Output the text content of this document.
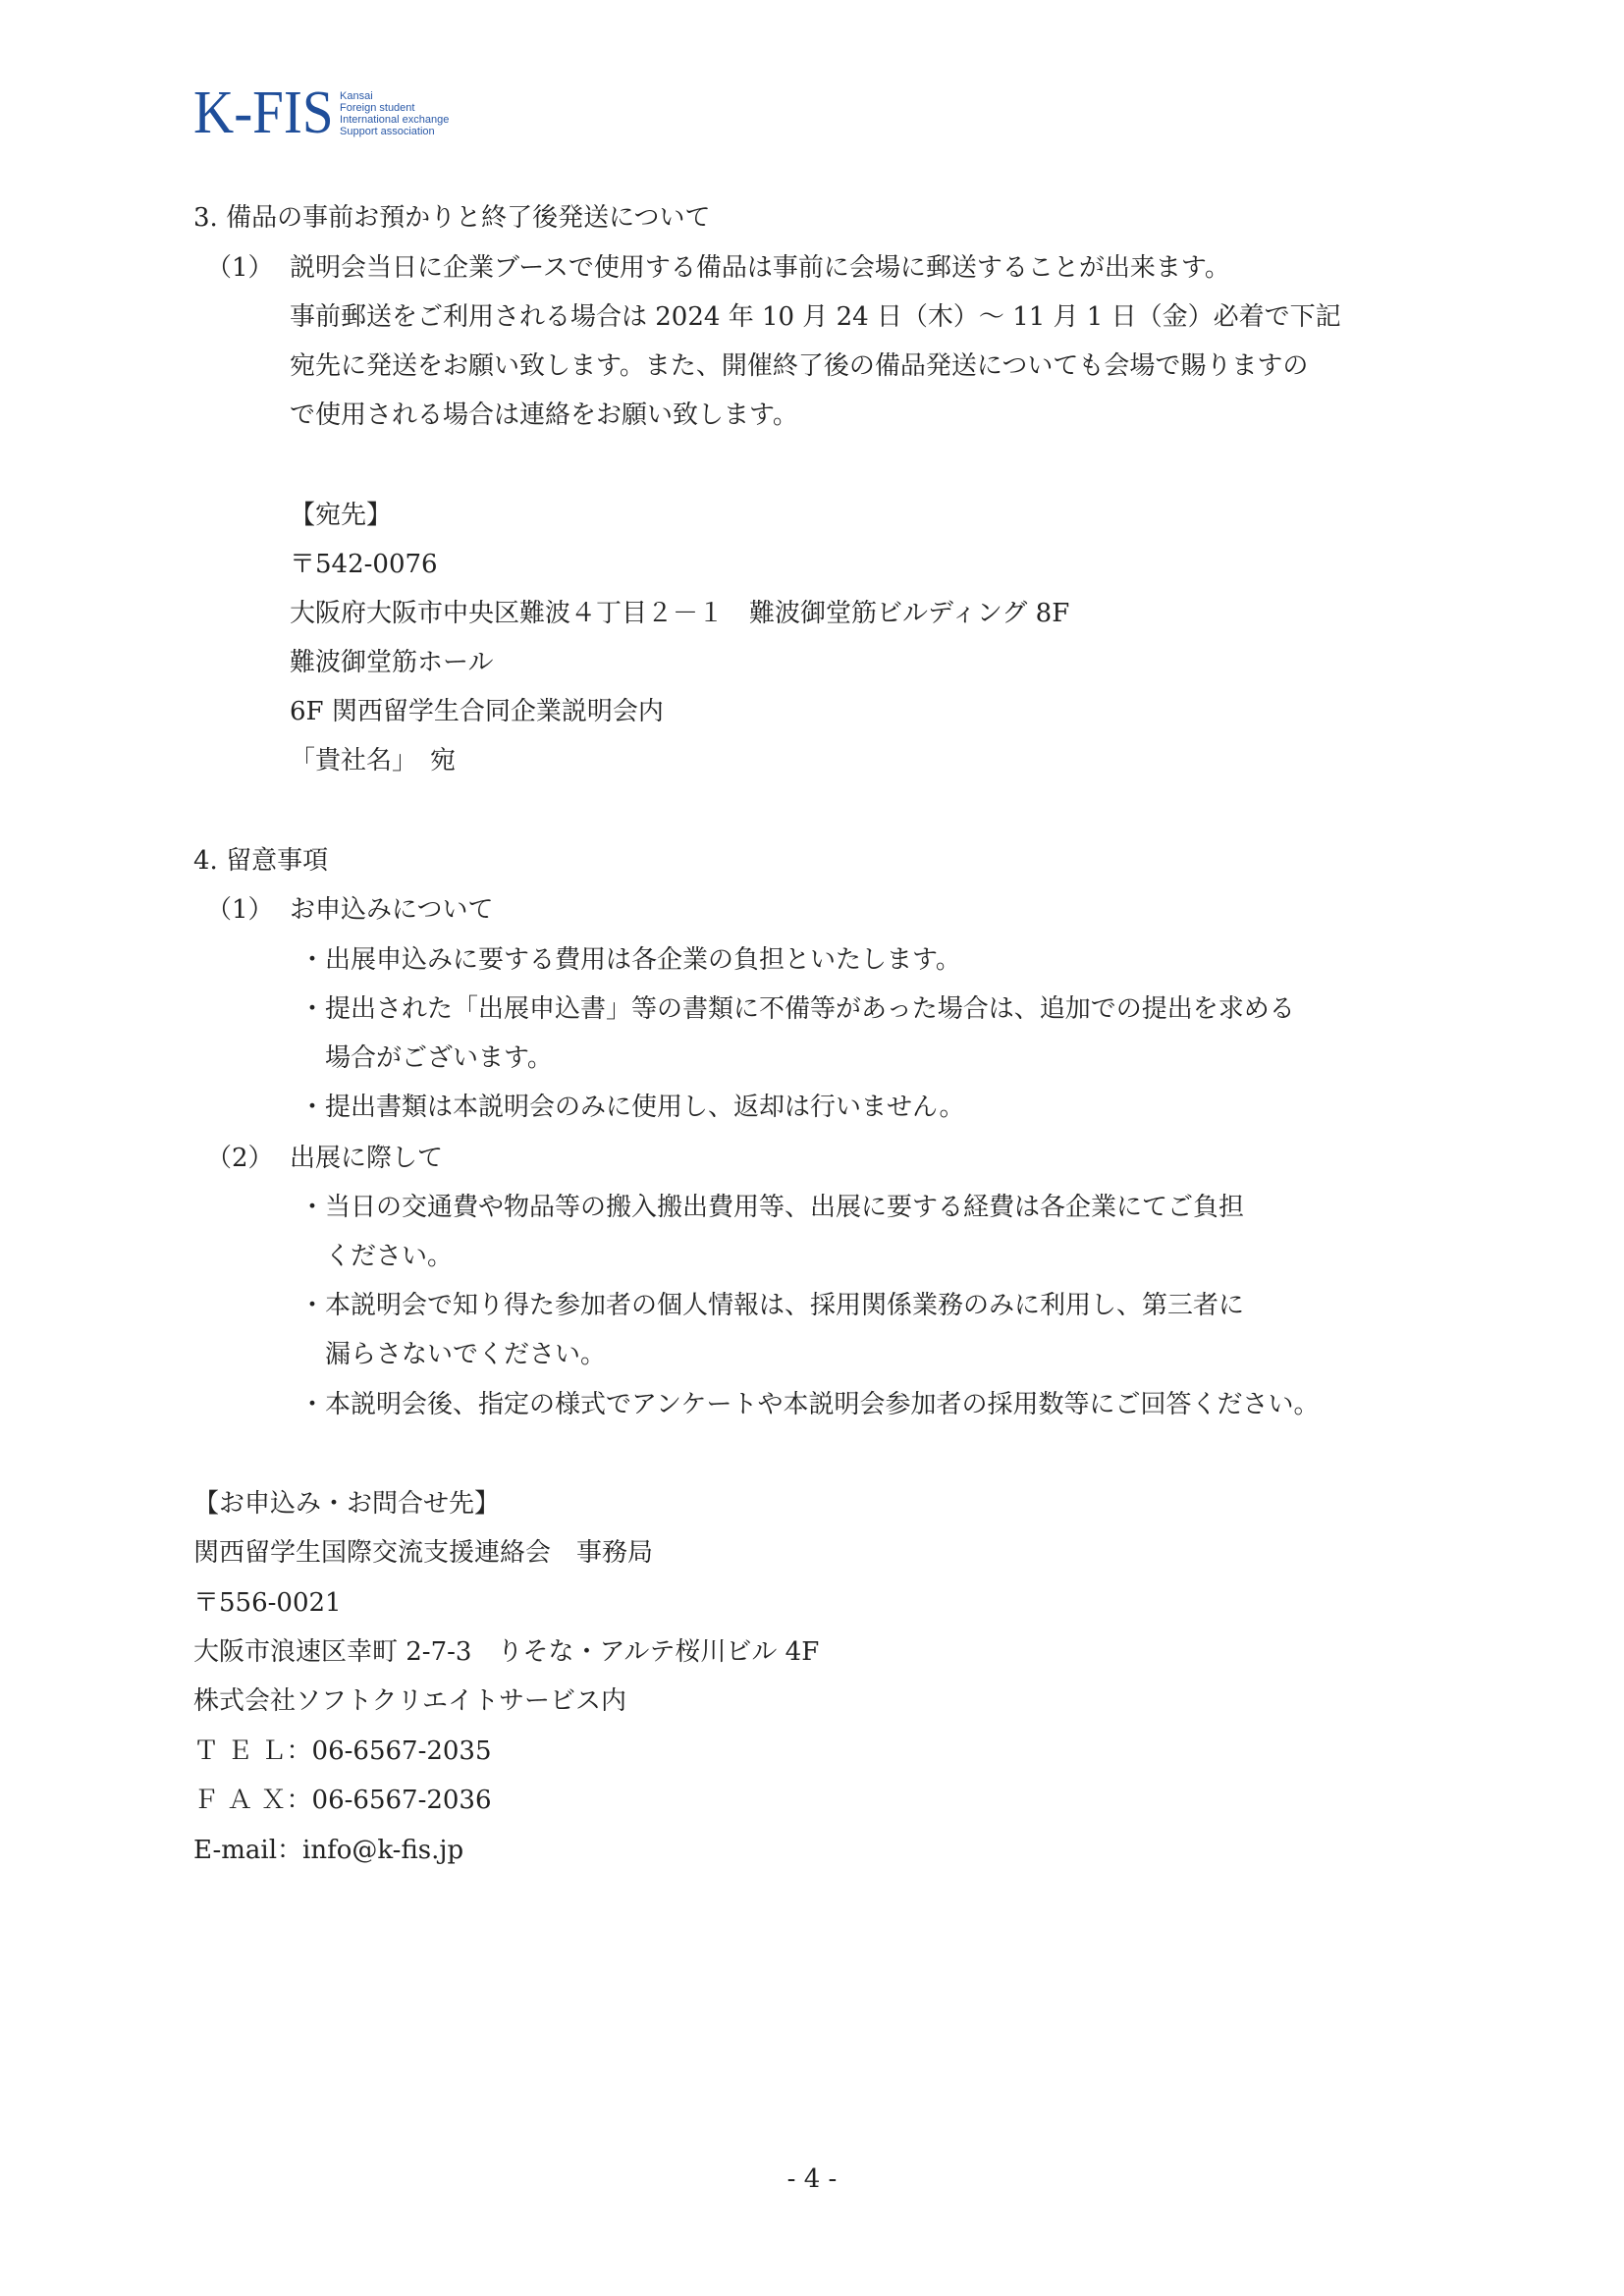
K-FIS Kansai
Foreign student
International exchange
Support association
3. 備品の事前お預かりと終了後発送について
（1） 説明会当日に企業ブースで使用する備品は事前に会場に郵送することが出来ます。
事前郵送をご利用される場合は 2024 年 10 月 24 日（木）～ 11 月 1 日（金）必着で下記
宛先に発送をお願い致します。また、開催終了後の備品発送についても会場で賜りますの
で使用される場合は連絡をお願い致します。
【宛先】
〒542-0076
大阪府大阪市中央区難波４丁目２－１　難波御堂筋ビルディング 8F
難波御堂筋ホール
6F 関西留学生合同企業説明会内
「貴社名」　宛
4. 留意事項
（1） お申込みについて
・出展申込みに要する費用は各企業の負担といたします。
・提出された「出展申込書」等の書類に不備等があった場合は、追加での提出を求める
　場合がございます。
・提出書類は本説明会のみに使用し、返却は行いません。
（2） 出展に際して
・当日の交通費や物品等の搬入搬出費用等、出展に要する経費は各企業にてご負担
　ください。
・本説明会で知り得た参加者の個人情報は、採用関係業務のみに利用し、第三者に
　漏らさないでください。
・本説明会後、指定の様式でアンケートや本説明会参加者の採用数等にご回答ください。
【お申込み・お問合せ先】
関西留学生国際交流支援連絡会　事務局
〒556-0021
大阪市浪速区幸町 2-7-3　りそな・アルテ桜川ビル 4F
株式会社ソフトクリエイトサービス内
Ｔ Ｅ Ｌ：06-6567-2035
Ｆ Ａ Ｘ：06-6567-2036
E-mail：info@k-fis.jp
- 4 -
